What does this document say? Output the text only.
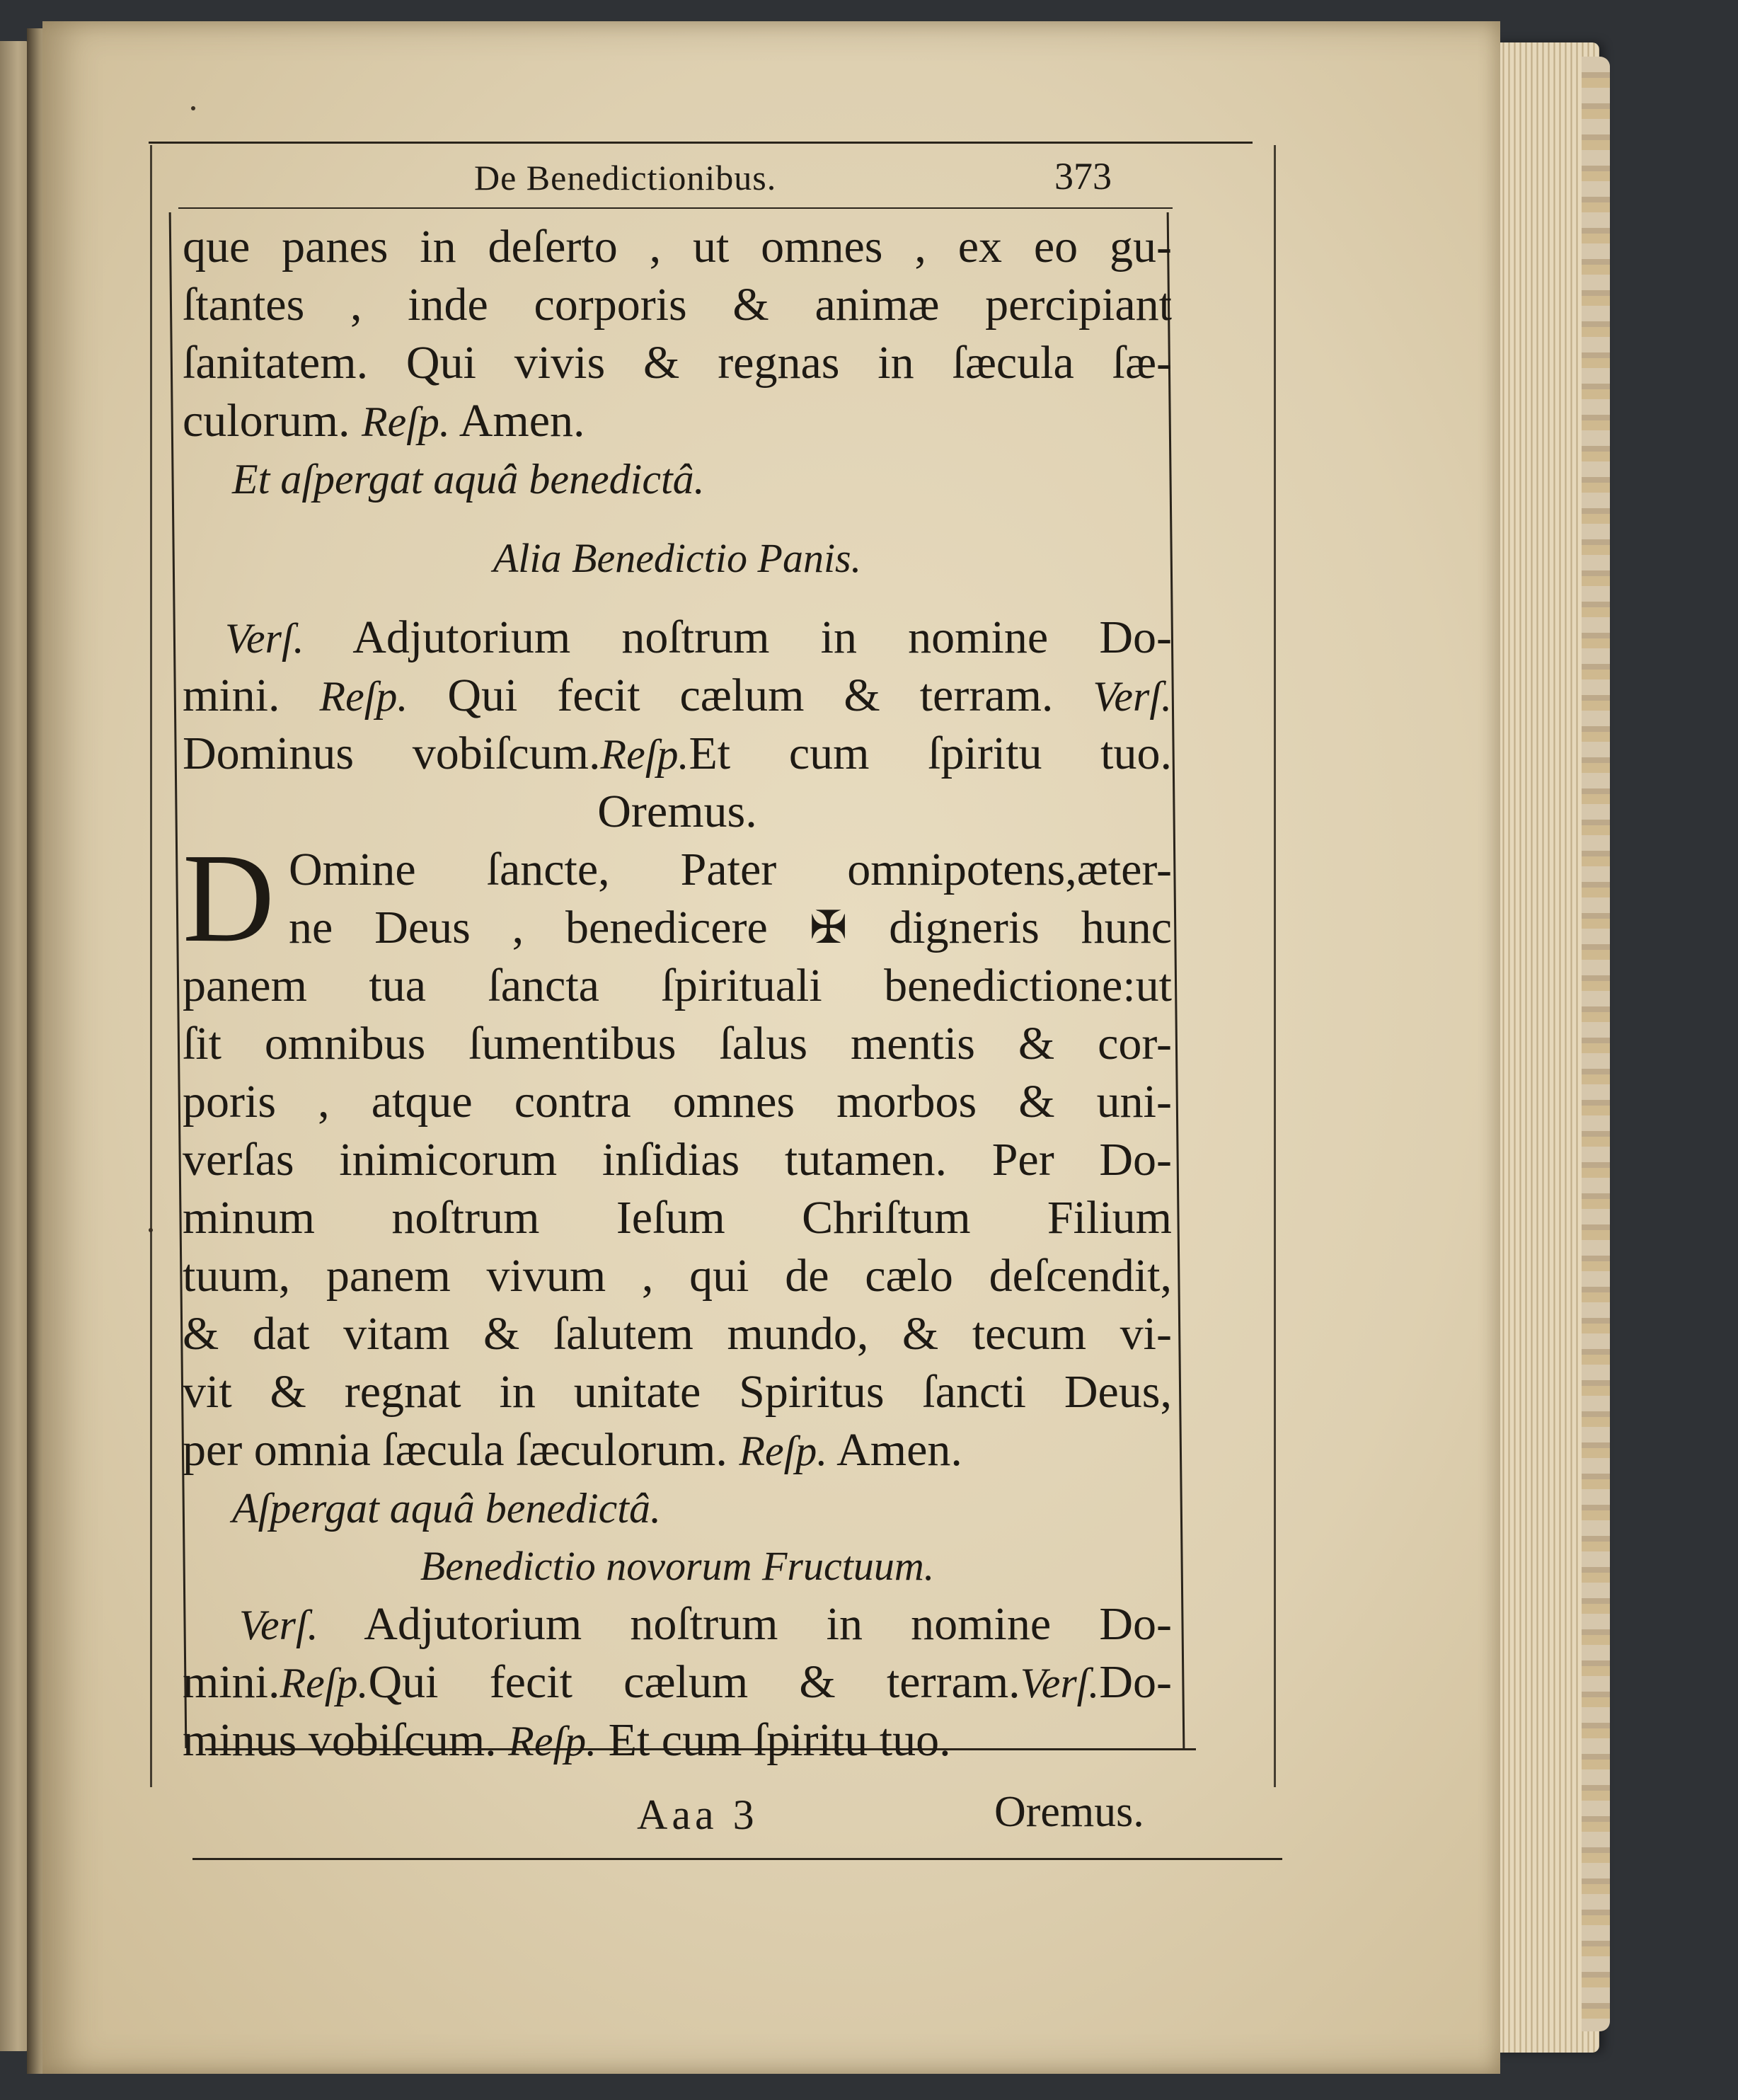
De Benedictionibus.	373
que panes in deſerto , ut omnes , ex eo gu-
ſtantes , inde corporis & animæ percipiant
ſanitatem. Qui vivis & regnas in ſæcula ſæ-
culorum. Reſp. Amen.
Et aſpergat aquâ benedictâ.
Alia Benedictio Panis.
Verſ. Adjutorium noſtrum in nomine Do-
mini. Reſp. Qui fecit cælum & terram. Verſ.
Dominus vobiſcum.Reſp.Et cum ſpiritu tuo.
Oremus.
D Omine ſancte, Pater omnipotens,æter-
ne Deus , benedicere ✠ digneris hunc
panem tua ſancta ſpirituali benedictione:ut
ſit omnibus ſumentibus ſalus mentis & cor-
poris , atque contra omnes morbos & uni-
verſas inimicorum inſidias tutamen. Per Do-
minum noſtrum Ieſum Chriſtum Filium
tuum, panem vivum , qui de cælo deſcendit,
& dat vitam & ſalutem mundo, & tecum vi-
vit & regnat in unitate Spiritus ſancti Deus,
per omnia ſæcula ſæculorum. Reſp. Amen.
Aſpergat aquâ benedictâ.
Benedictio novorum Fructuum.
Verſ. Adjutorium noſtrum in nomine Do-
mini.Reſp.Qui fecit cælum & terram.Verſ.Do-
minus vobiſcum. Reſp. Et cum ſpiritu tuo.
Aaa 3	Oremus.
